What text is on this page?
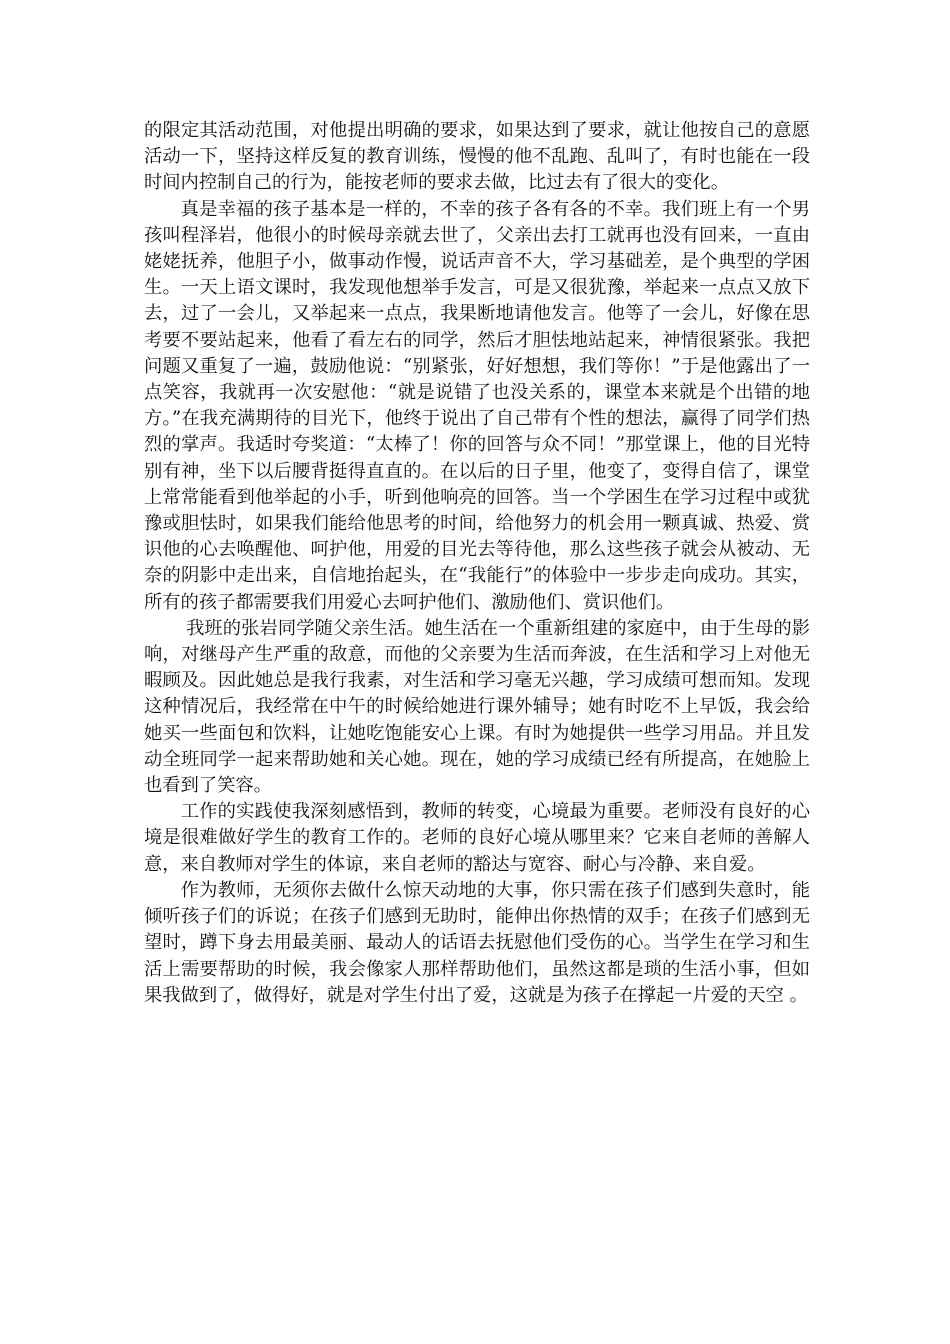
的限定其活动范围，对他提出明确的要求，如果达到了要求，就让他按自己的意愿活动一下，坚持这样反复的教育训练，慢慢的他不乱跑、乱叫了，有时也能在一段时间内控制自己的行为，能按老师的要求去做，比过去有了很大的变化。

真是幸福的孩子基本是一样的，不幸的孩子各有各的不幸。我们班上有一个男孩叫程泽岩，他很小的时候母亲就去世了，父亲出去打工就再也没有回来，一直由姥姥抚养，他胆子小，做事动作慢，说话声音不大，学习基础差，是个典型的学困生。一天上语文课时，我发现他想举手发言，可是又很犹豫，举起来一点点又放下去，过了一会儿，又举起来一点点，我果断地请他发言。他等了一会儿，好像在思考要不要站起来，他看了看左右的同学，然后才胆怯地站起来，神情很紧张。我把问题又重复了一遍，鼓励他说：“别紧张，好好想想，我们等你！”于是他露出了一点笑容，我就再一次安慰他：“就是说错了也没关系的，课堂本来就是个出错的地方。”在我充满期待的目光下，他终于说出了自己带有个性的想法，赢得了同学们热烈的掌声。我适时夸奖道：“太棒了！你的回答与众不同！”那堂课上，他的目光特别有神，坐下以后腰背挺得直直的。在以后的日子里，他变了，变得自信了，课堂上常常能看到他举起的小手，听到他响亮的回答。当一个学困生在学习过程中或犹豫或胆怯时，如果我们能给他思考的时间，给他努力的机会用一颗真诚、热爱、赏识他的心去唤醒他、呵护他，用爱的目光去等待他，那么这些孩子就会从被动、无奈的阴影中走出来，自信地抬起头，在“我能行”的体验中一步步走向成功。其实，所有的孩子都需要我们用爱心去呵护他们、激励他们、赏识他们。

我班的张岩同学随父亲生活。她生活在一个重新组建的家庭中，由于生母的影响，对继母产生严重的敌意，而他的父亲要为生活而奔波，在生活和学习上对他无暇顾及。因此她总是我行我素，对生活和学习毫无兴趣，学习成绩可想而知。发现这种情况后，我经常在中午的时候给她进行课外辅导；她有时吃不上早饭，我会给她买一些面包和饮料，让她吃饱能安心上课。有时为她提供一些学习用品。并且发动全班同学一起来帮助她和关心她。现在，她的学习成绩已经有所提高，在她脸上也看到了笑容。

工作的实践使我深刻感悟到，教师的转变，心境最为重要。老师没有良好的心境是很难做好学生的教育工作的。老师的良好心境从哪里来？它来自老师的善解人意，来自教师对学生的体谅，来自老师的豁达与宽容、耐心与冷静、来自爱。

作为教师，无须你去做什么惊天动地的大事，你只需在孩子们感到失意时，能倾听孩子们的诉说；在孩子们感到无助时，能伸出你热情的双手；在孩子们感到无望时，蹲下身去用最美丽、最动人的话语去抚慰他们受伤的心。当学生在学习和生活上需要帮助的时候，我会像家人那样帮助他们，虽然这都是琐的生活小事，但如果我做到了，做得好，就是对学生付出了爱，这就是为孩子在撑起一片爱的天空 。
